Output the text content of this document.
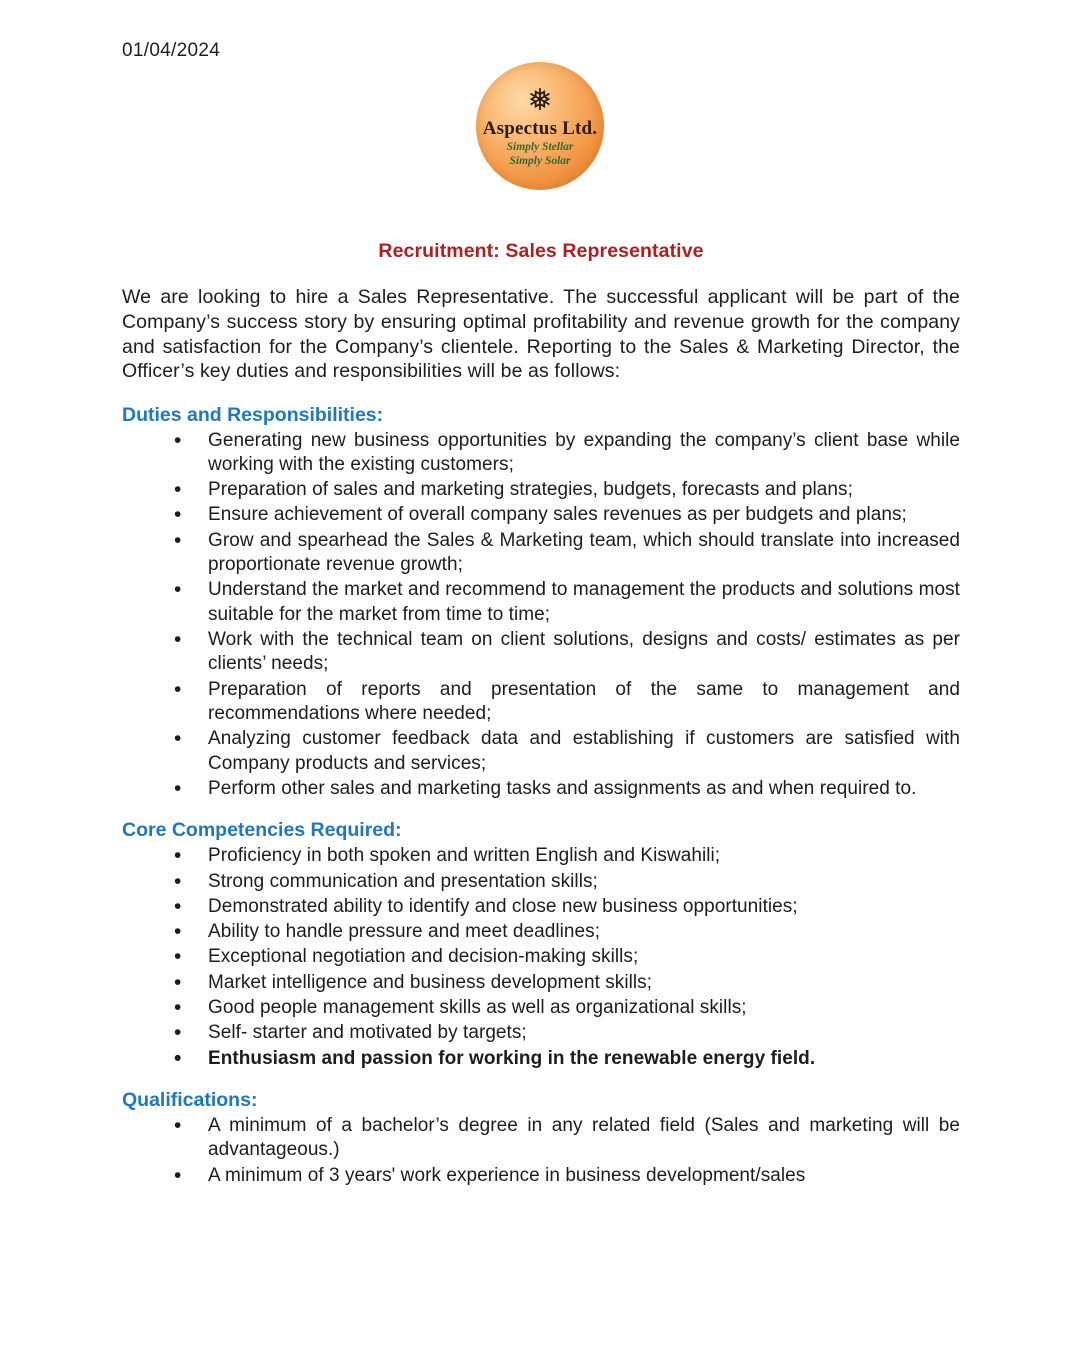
01/04/2024
❅
Aspectus Ltd.
Simply Stellar
Simply Solar
Recruitment: Sales Representative

We are looking to hire a Sales Representative. The successful applicant will be part of the Company’s success story by ensuring optimal profitability and revenue growth for the company and satisfaction for the Company’s clientele. Reporting to the Sales & Marketing Director, the Officer’s key duties and responsibilities will be as follows:

Duties and Responsibilities:
• Generating new business opportunities by expanding the company’s client base while working with the existing customers;
• Preparation of sales and marketing strategies, budgets, forecasts and plans;
• Ensure achievement of overall company sales revenues as per budgets and plans;
• Grow and spearhead the Sales & Marketing team, which should translate into increased proportionate revenue growth;
• Understand the market and recommend to management the products and solutions most suitable for the market from time to time;
• Work with the technical team on client solutions, designs and costs/ estimates as per clients’ needs;
• Preparation of reports and presentation of the same to management and recommendations where needed;
• Analyzing customer feedback data and establishing if customers are satisfied with Company products and services;
• Perform other sales and marketing tasks and assignments as and when required to.
Core Competencies Required:
• Proficiency in both spoken and written English and Kiswahili;
• Strong communication and presentation skills;
• Demonstrated ability to identify and close new business opportunities;
• Ability to handle pressure and meet deadlines;
• Exceptional negotiation and decision-making skills;
• Market intelligence and business development skills;
• Good people management skills as well as organizational skills;
• Self- starter and motivated by targets;
• Enthusiasm and passion for working in the renewable energy field.
Qualifications:
• A minimum of a bachelor’s degree in any related field (Sales and marketing will be advantageous.)
• A minimum of 3 years' work experience in business development/sales
